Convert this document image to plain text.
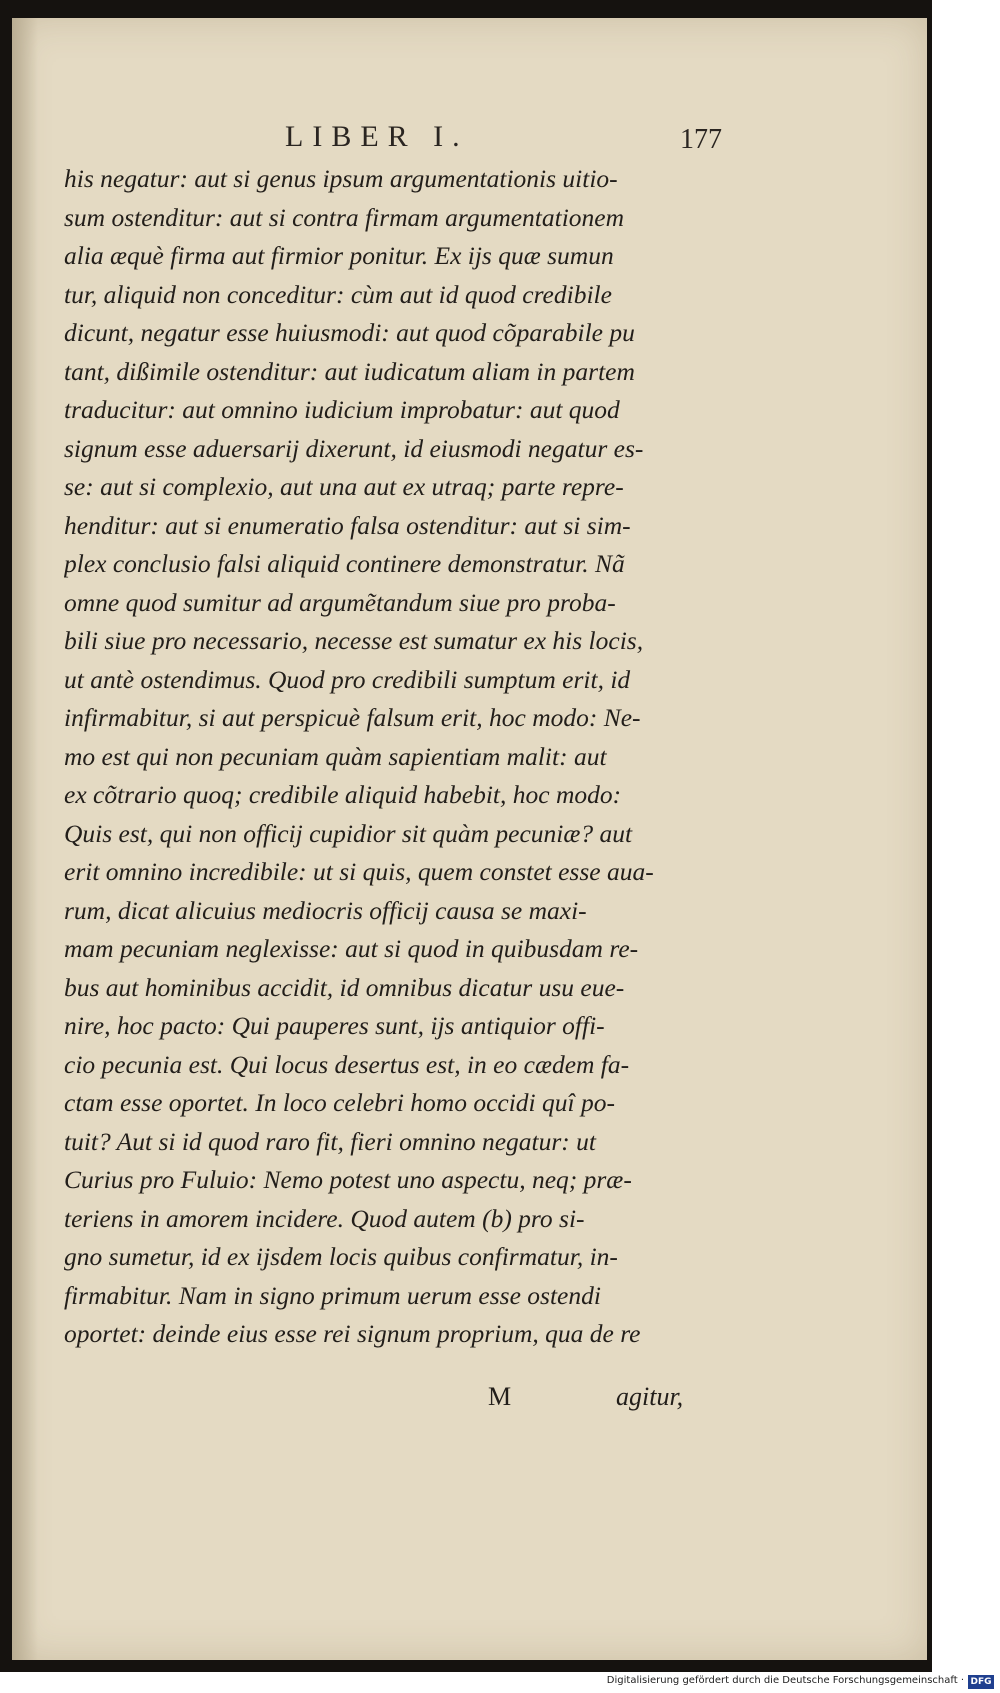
LIBER I.	177
his negatur: aut si genus ipsum argumentationis uitio-
sum ostenditur: aut si contra firmam argumentationem
alia æquè firma aut firmior ponitur. Ex ijs quæ sumun
tur, aliquid non conceditur: cùm aut id quod credibile
dicunt, negatur esse huiusmodi: aut quod cõparabile pu
tant, dißimile ostenditur: aut iudicatum aliam in partem
traducitur: aut omnino iudicium improbatur: aut quod
signum esse aduersarij dixerunt, id eiusmodi negatur es-
se: aut si complexio, aut una aut ex utraq; parte repre-
henditur: aut si enumeratio falsa ostenditur: aut si sim-
plex conclusio falsi aliquid continere demonstratur. Nã
omne quod sumitur ad argumẽtandum siue pro proba-
bili siue pro necessario, necesse est sumatur ex his locis,
ut antè ostendimus. Quod pro credibili sumptum erit, id
infirmabitur, si aut perspicuè falsum erit, hoc modo: Ne-
mo est qui non pecuniam quàm sapientiam malit: aut
ex cõtrario quoq; credibile aliquid habebit, hoc modo:
Quis est, qui non officij cupidior sit quàm pecuniæ? aut
erit omnino incredibile: ut si quis, quem constet esse aua-
rum, dicat alicuius mediocris officij causa se maxi-
mam pecuniam neglexisse: aut si quod in quibusdam re-
bus aut hominibus accidit, id omnibus dicatur usu eue-
nire, hoc pacto: Qui pauperes sunt, ijs antiquior offi-
cio pecunia est. Qui locus desertus est, in eo cædem fa-
ctam esse oportet. In loco celebri homo occidi quî po-
tuit? Aut si id quod raro fit, fieri omnino negatur: ut
Curius pro Fuluio: Nemo potest uno aspectu, neq; præ-
teriens in amorem incidere. Quod autem (b) pro si-
gno sumetur, id ex ijsdem locis quibus confirmatur, in-
firmabitur. Nam in signo primum uerum esse ostendi
oportet: deinde eius esse rei signum proprium, qua de re
M	agitur,
Digitalisierung gefördert durch die Deutsche Forschungsgemeinschaft · DFG
